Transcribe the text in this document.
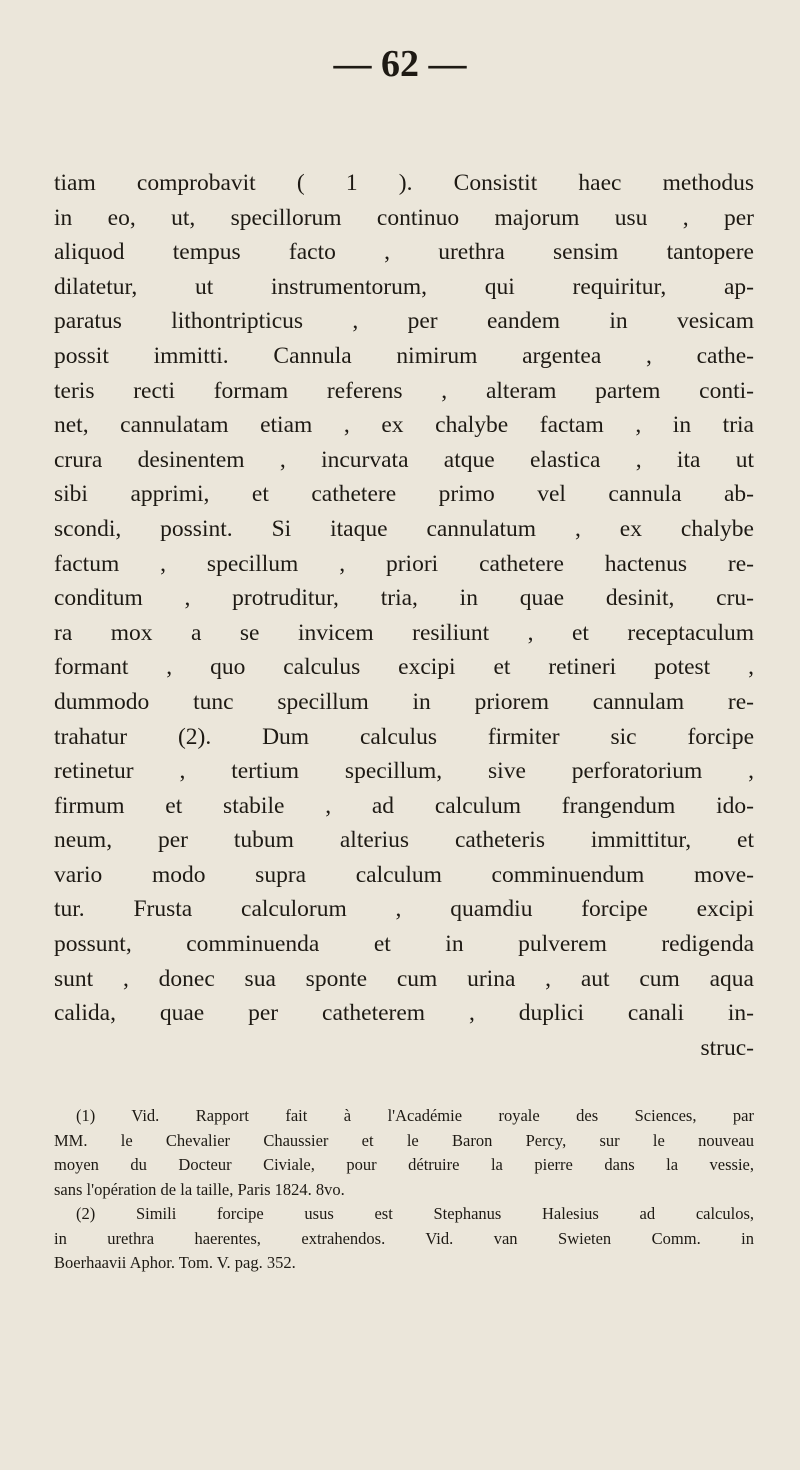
— 62 —
tiam comprobavit ( 1 ). Consistit haec methodus
in eo, ut, specillorum continuo majorum usu , per
aliquod tempus facto , urethra sensim tantopere
dilatetur, ut instrumentorum, qui requiritur, ap-
paratus lithontripticus , per eandem in vesicam
possit immitti. Cannula nimirum argentea , cathe-
teris recti formam referens , alteram partem conti-
net, cannulatam etiam , ex chalybe factam , in tria
crura desinentem , incurvata atque elastica , ita ut
sibi apprimi, et cathetere primo vel cannula ab-
scondi, possint. Si itaque cannulatum , ex chalybe
factum , specillum , priori cathetere hactenus re-
conditum , protruditur, tria, in quae desinit, cru-
ra mox a se invicem resiliunt , et receptaculum
formant , quo calculus excipi et retineri potest ,
dummodo tunc specillum in priorem cannulam re-
trahatur (2). Dum calculus firmiter sic forcipe
retinetur , tertium specillum, sive perforatorium ,
firmum et stabile , ad calculum frangendum ido-
neum, per tubum alterius catheteris immittitur, et
vario modo supra calculum comminuendum move-
tur. Frusta calculorum , quamdiu forcipe excipi
possunt, comminuenda et in pulverem redigenda
sunt , donec sua sponte cum urina , aut cum aqua
calida, quae per catheterem , duplici canali in-
struc-
(1) Vid. Rapport fait à l'Académie royale des Sciences, par
MM. le Chevalier Chaussier et le Baron Percy, sur le nouveau
moyen du Docteur Civiale, pour détruire la pierre dans la vessie,
sans l'opération de la taille, Paris 1824. 8vo.
(2) Simili forcipe usus est Stephanus Halesius ad calculos,
in urethra haerentes, extrahendos. Vid. van Swieten Comm. in
Boerhaavii Aphor. Tom. V. pag. 352.
